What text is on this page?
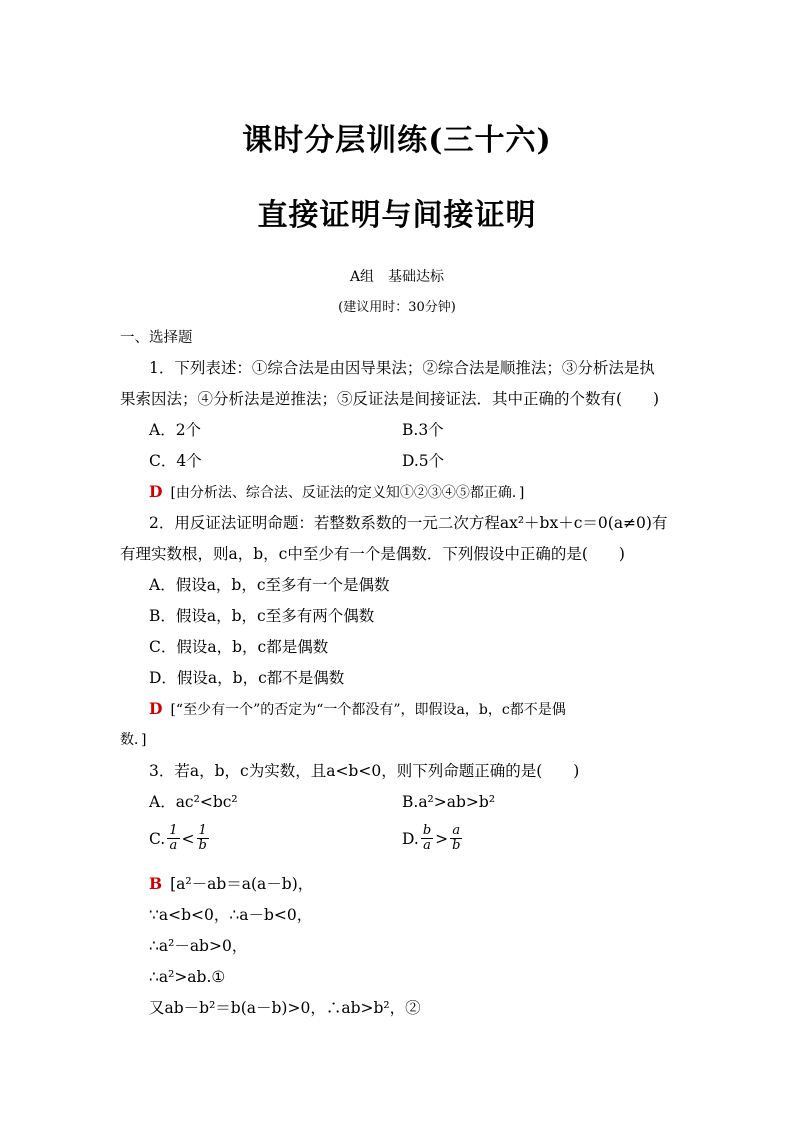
课时分层训练(三十六)
直接证明与间接证明
A组　基础达标
(建议用时：30分钟)
一、选择题
1．下列表述：①综合法是由因导果法；②综合法是顺推法；③分析法是执
果索因法；④分析法是逆推法；⑤反证法是间接证法．其中正确的个数有(　　)
A．2个	B.3个
C．4个	D.5个
D [由分析法、综合法、反证法的定义知①②③④⑤都正确．]
2．用反证法证明命题：若整数系数的一元二次方程ax²＋bx＋c＝0(a≠0)有
有理实数根，则a，b，c中至少有一个是偶数．下列假设中正确的是(　　)
A．假设a，b，c至多有一个是偶数
B．假设a，b，c至多有两个偶数
C．假设a，b，c都是偶数
D．假设a，b，c都不是偶数
D [“至少有一个”的否定为“一个都没有”，即假设a，b，c都不是偶
数．]
3．若a，b，c为实数，且a<b<0，则下列命题正确的是(　　)
A．ac²<bc²	B.a²>ab>b²
C. $\frac{1}{a} < \frac{1}{b}$	D. $\frac{b}{a} > \frac{a}{b}$
B [a²－ab＝a(a－b)，
∵a<b<0，∴a－b<0，
∴a²－ab>0，
∴a²>ab.①
又ab－b²＝b(a－b)>0，∴ab>b²，②
